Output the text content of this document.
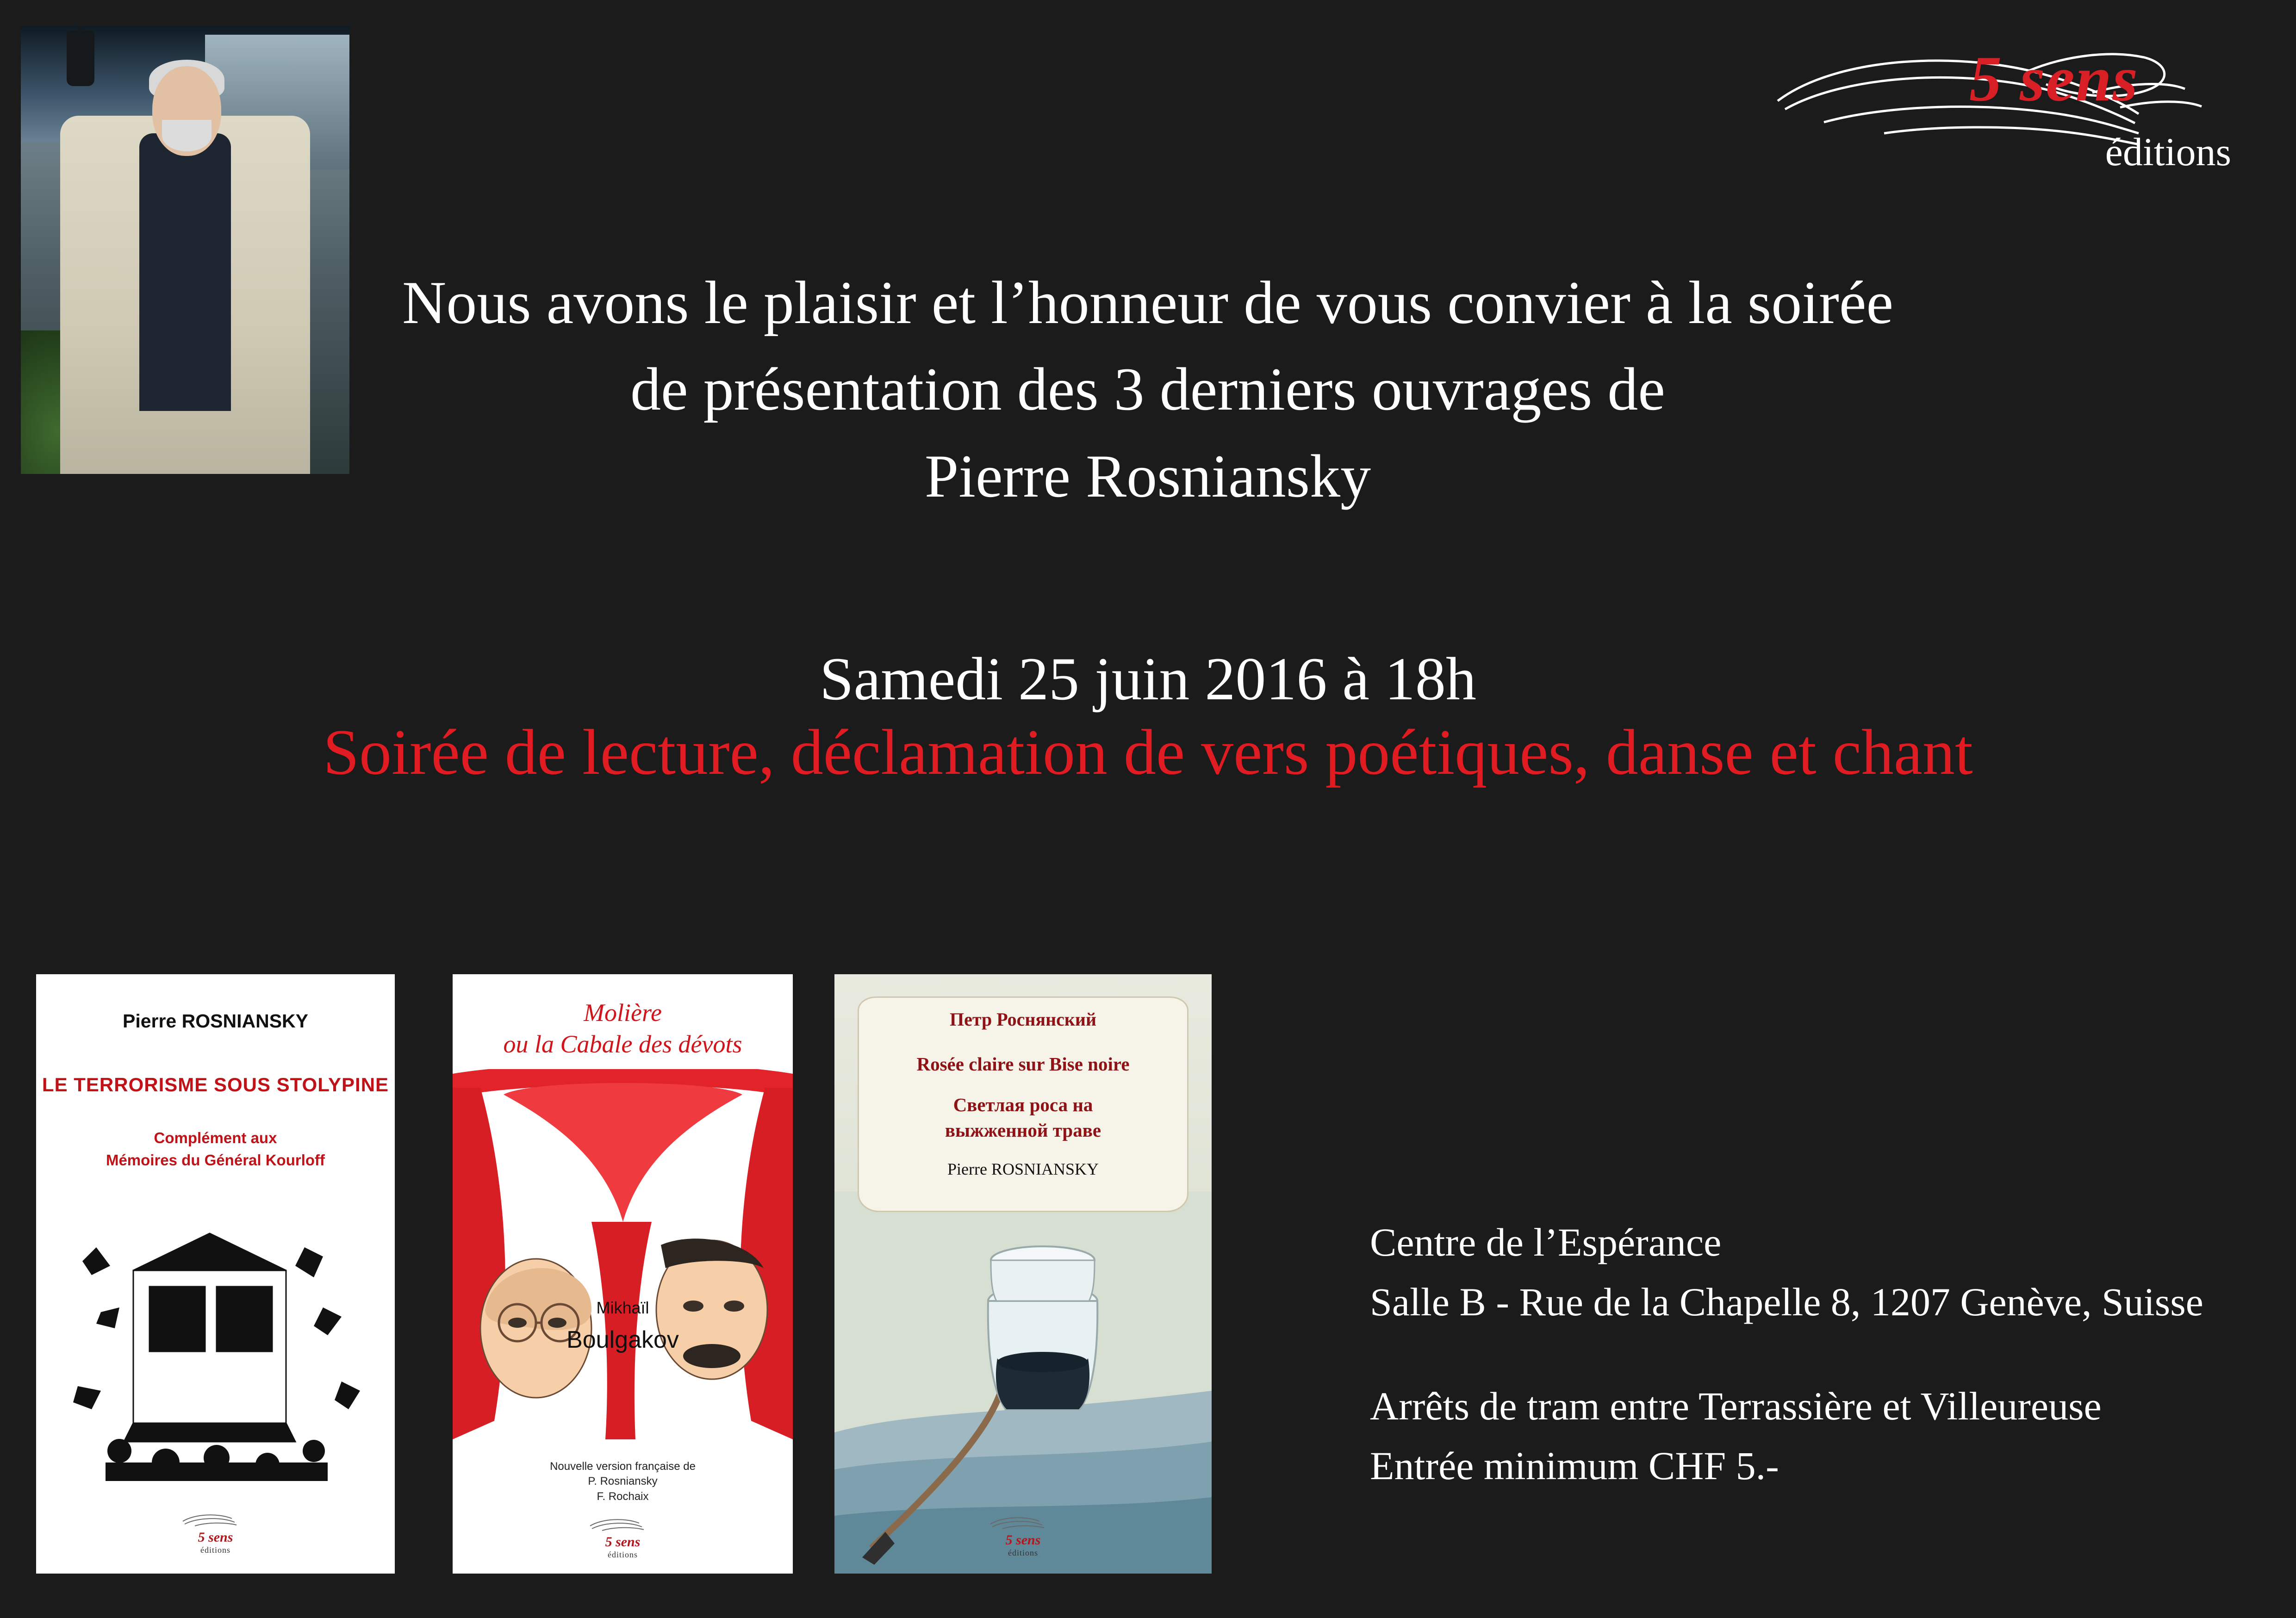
5 sens
éditions
Nous avons le plaisir et l’honneur de vous convier à la soirée
de présentation des 3 derniers ouvrages de
Pierre Rosniansky
Samedi 25 juin 2016 à 18h
Soirée de lecture, déclamation de vers poétiques, danse et chant
Pierre ROSNIANSKY
LE TERRORISME SOUS STOLYPINE
Complément aux
Mémoires du Général Kourloff
5 sens
éditions
Molière
ou la Cabale des dévots
Mikhaïl
Boulgakov
Nouvelle version française de
P. Rosniansky
F. Rochaix
5 sens
éditions
Петр Роснянский
Rosée claire sur Bise noire
Светлая роса на
выжженной траве
Pierre ROSNIANSKY
5 sens
éditions
Centre de l’Espérance
Salle B - Rue de la Chapelle 8, 1207 Genève, Suisse
Arrêts de tram entre Terrassière et Villeureuse
Entrée minimum CHF 5.-
